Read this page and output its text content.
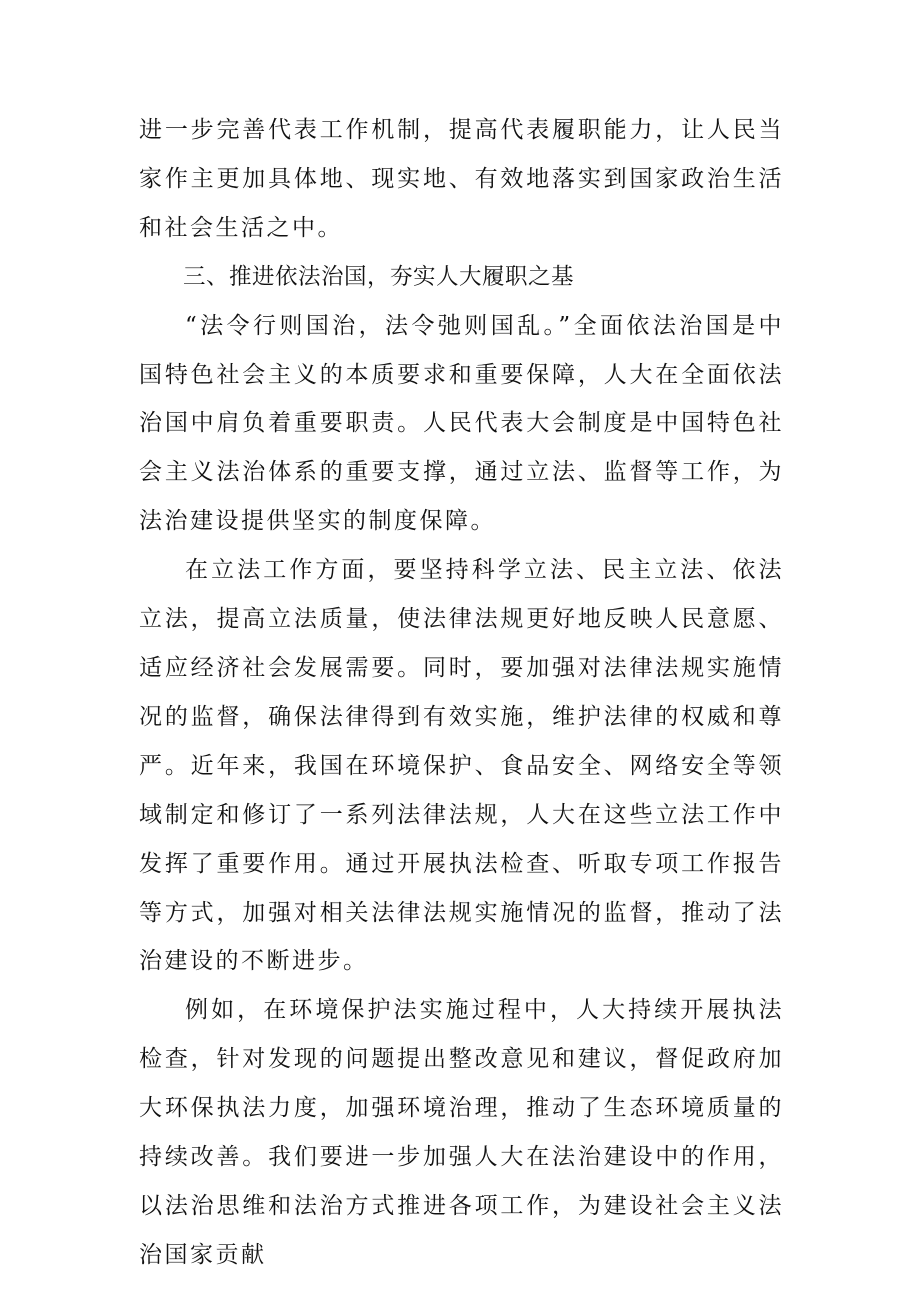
进一步完善代表工作机制，提高代表履职能力，让人民当家作主更加具体地、现实地、有效地落实到国家政治生活和社会生活之中。

三、推进依法治国，夯实人大履职之基

“法令行则国治，法令弛则国乱。”全面依法治国是中国特色社会主义的本质要求和重要保障，人大在全面依法治国中肩负着重要职责。人民代表大会制度是中国特色社会主义法治体系的重要支撑，通过立法、监督等工作，为法治建设提供坚实的制度保障。

在立法工作方面，要坚持科学立法、民主立法、依法立法，提高立法质量，使法律法规更好地反映人民意愿、适应经济社会发展需要。同时，要加强对法律法规实施情况的监督，确保法律得到有效实施，维护法律的权威和尊严。近年来，我国在环境保护、食品安全、网络安全等领域制定和修订了一系列法律法规，人大在这些立法工作中发挥了重要作用。通过开展执法检查、听取专项工作报告等方式，加强对相关法律法规实施情况的监督，推动了法治建设的不断进步。

例如，在环境保护法实施过程中，人大持续开展执法检查，针对发现的问题提出整改意见和建议，督促政府加大环保执法力度，加强环境治理，推动了生态环境质量的持续改善。我们要进一步加强人大在法治建设中的作用，以法治思维和法治方式推进各项工作，为建设社会主义法治国家贡献
